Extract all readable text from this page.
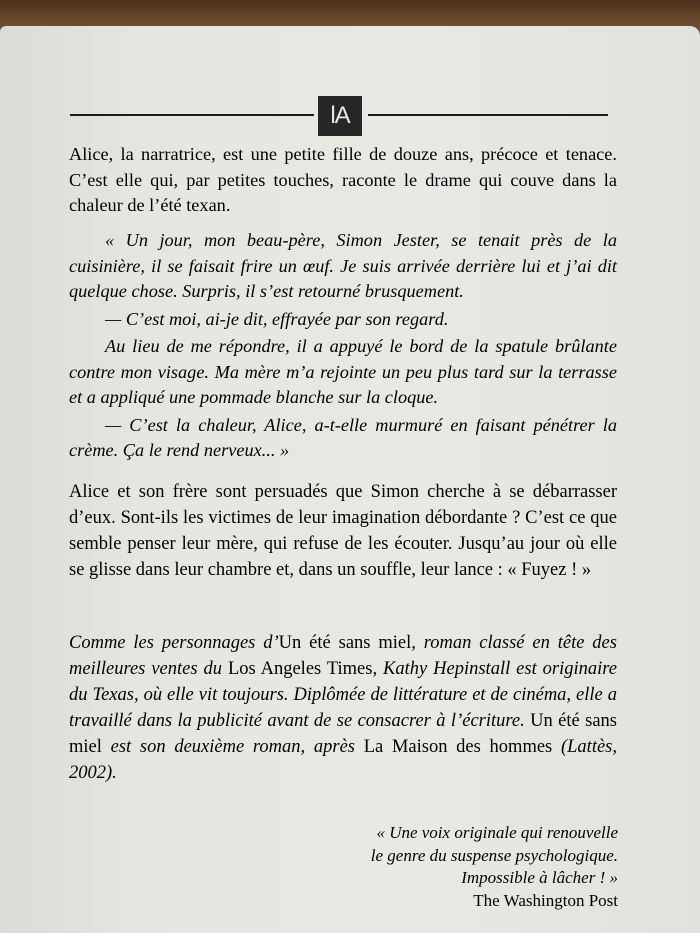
lA

Alice, la narratrice, est une petite fille de douze ans, précoce et tenace. C’est elle qui, par petites touches, raconte le drame qui couve dans la chaleur de l’été texan.

« Un jour, mon beau-père, Simon Jester, se tenait près de la cuisinière, il se faisait frire un œuf. Je suis arrivée derrière lui et j’ai dit quelque chose. Surpris, il s’est retourné brusquement.

— C’est moi, ai-je dit, effrayée par son regard.

Au lieu de me répondre, il a appuyé le bord de la spatule brûlante contre mon visage. Ma mère m’a rejointe un peu plus tard sur la terrasse et a appliqué une pommade blanche sur la cloque.

— C’est la chaleur, Alice, a-t-elle murmuré en faisant pénétrer la crème. Ça le rend nerveux... »

Alice et son frère sont persuadés que Simon cherche à se débarrasser d’eux. Sont-ils les victimes de leur imagination débordante ? C’est ce que semble penser leur mère, qui refuse de les écouter. Jusqu’au jour où elle se glisse dans leur chambre et, dans un souffle, leur lance : « Fuyez ! »

Comme les personnages d’Un été sans miel, roman classé en tête des meilleures ventes du Los Angeles Times, Kathy Hepinstall est originaire du Texas, où elle vit toujours. Diplômée de littérature et de cinéma, elle a travaillé dans la publicité avant de se consacrer à l’écriture. Un été sans miel est son deuxième roman, après La Maison des hommes (Lattès, 2002).

« Une voix originale qui renouvelle

le genre du suspense psychologique.

Impossible à lâcher ! »

The Washington Post
